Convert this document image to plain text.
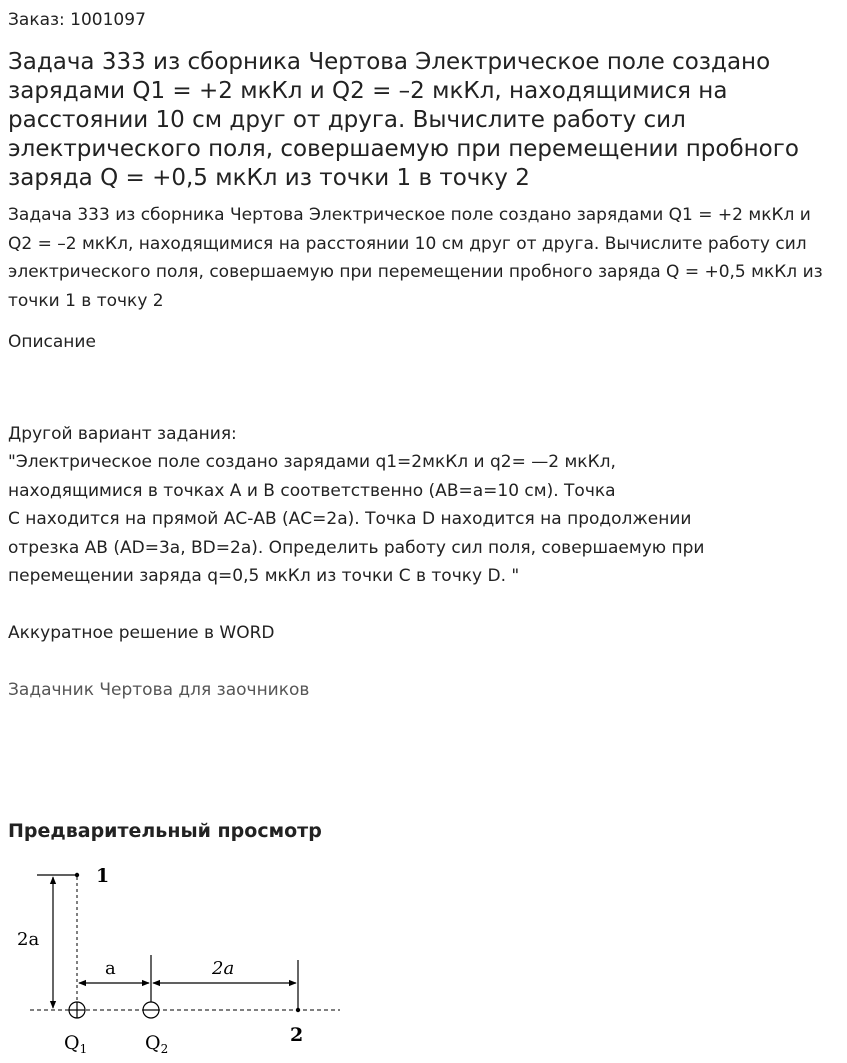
Заказ: 1001097
Задача 333 из сборника Чертова Электрическое поле создано зарядами Q1 = +2 мкКл и Q2 = –2 мкКл, находящимися на расстоянии 10 см друг от друга. Вычислите работу сил электрического поля, совершаемую при перемещении пробного заряда Q = +0,5 мкКл из точки 1 в точку 2

Задача 333 из сборника Чертова Электрическое поле создано зарядами Q1 = +2 мкКл и Q2 = –2 мкКл, находящимися на расстоянии 10 см друг от друга. Вычислите работу сил электрического поля, совершаемую при перемещении пробного заряда Q = +0,5 мкКл из точки 1 в точку 2

Описание
Другой вариант задания:
"Электрическое поле создано зарядами q1=2мкКл и q2= —2 мкКл,
находящимися в точках А и В соответственно (АВ=а=10 см). Точка
С находится на прямой АС-АВ (АС=2а). Точка D находится на продолжении
отрезка АВ (AD=3a, BD=2a). Определить работу сил поля, совершаемую при
перемещении заряда q=0,5 мкКл из точки С в точку D. "
Аккуратное решение в WORD
Задачник Чертова для заочников
Предварительный просмотр
1
2a
a	2a
2
$Q_1$	$Q_2$
